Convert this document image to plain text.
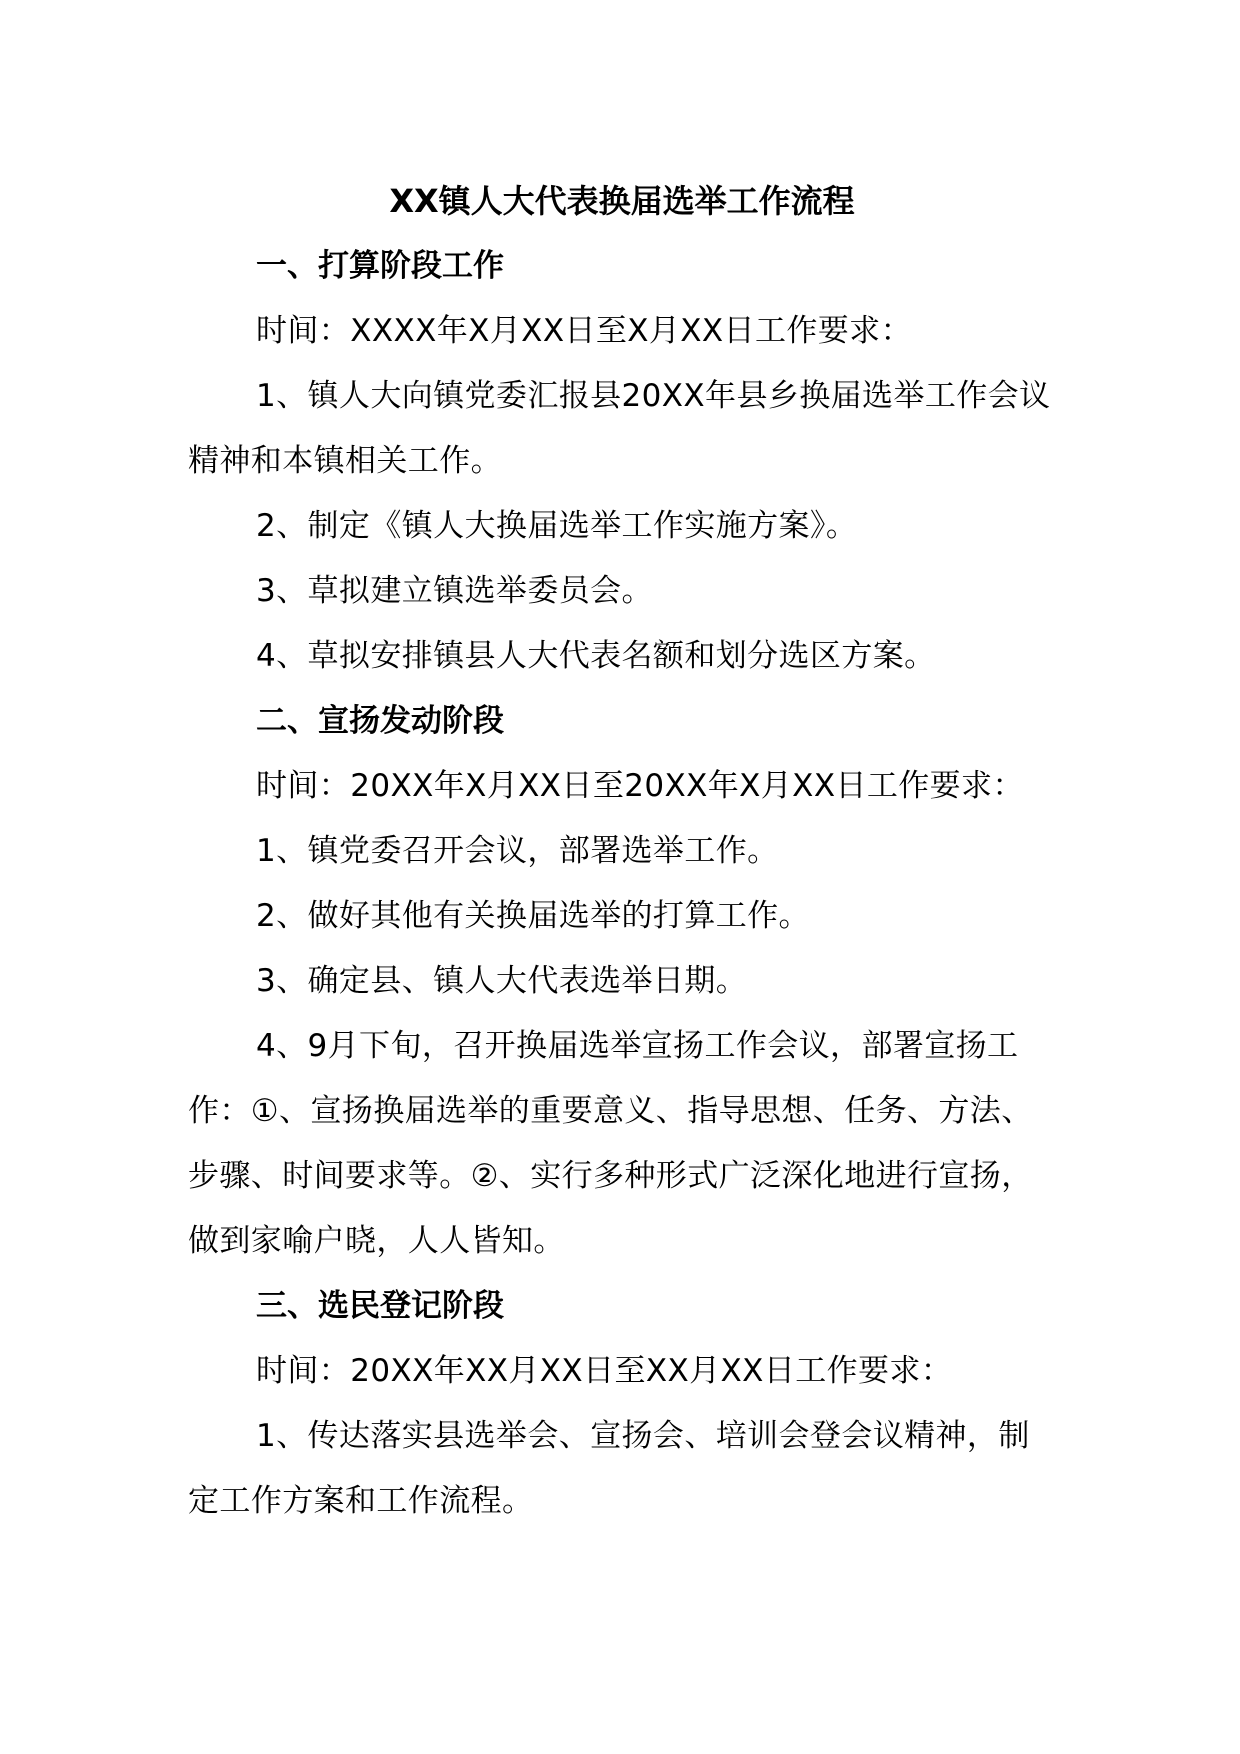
XX镇人大代表换届选举工作流程

一、打算阶段工作

时间：XXXX年X月XX日至X月XX日工作要求：

1、镇人大向镇党委汇报县20XX年县乡换届选举工作会议精神和本镇相关工作。

2、制定《镇人大换届选举工作实施方案》。

3、草拟建立镇选举委员会。

4、草拟安排镇县人大代表名额和划分选区方案。

二、宣扬发动阶段

时间：20XX年X月XX日至20XX年X月XX日工作要求：

1、镇党委召开会议，部署选举工作。

2、做好其他有关换届选举的打算工作。

3、确定县、镇人大代表选举日期。

4、9月下旬，召开换届选举宣扬工作会议，部署宣扬工作：①、宣扬换届选举的重要意义、指导思想、任务、方法、步骤、时间要求等。②、实行多种形式广泛深化地进行宣扬，做到家喻户晓，人人皆知。

三、选民登记阶段

时间：20XX年XX月XX日至XX月XX日工作要求：

1、传达落实县选举会、宣扬会、培训会登会议精神，制定工作方案和工作流程。
